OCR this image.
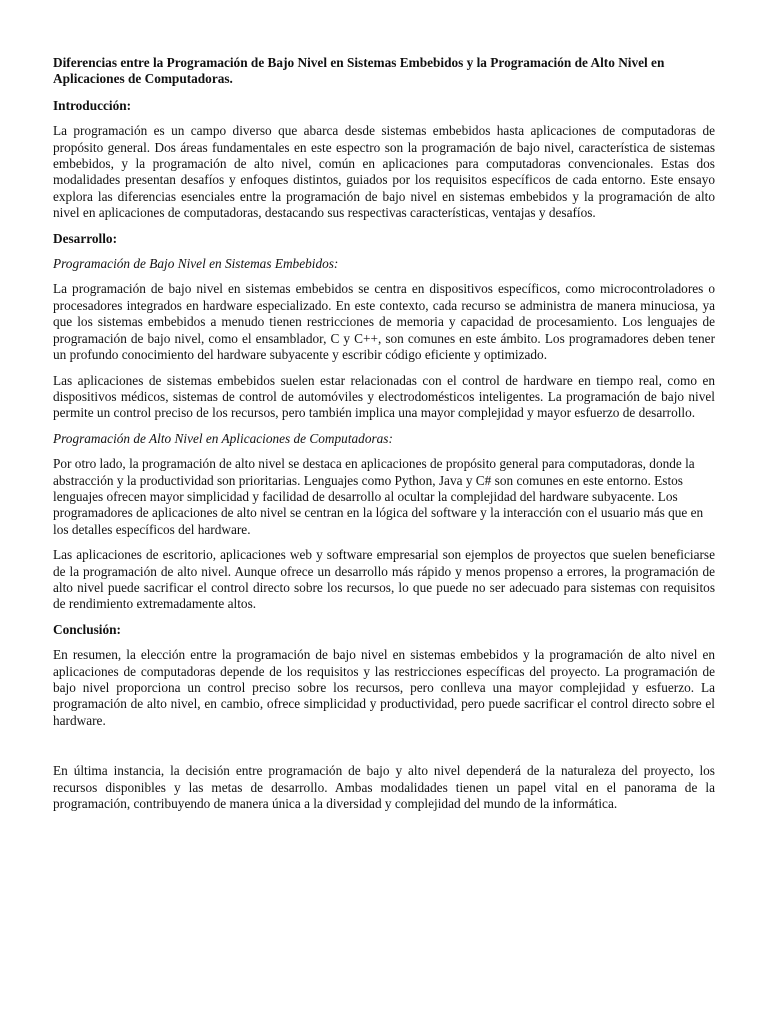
Diferencias entre la Programación de Bajo Nivel en Sistemas Embebidos y la Programación de Alto Nivel en Aplicaciones de Computadoras.
Introducción:

La programación es un campo diverso que abarca desde sistemas embebidos hasta aplicaciones de computadoras de propósito general. Dos áreas fundamentales en este espectro son la programación de bajo nivel, característica de sistemas embebidos, y la programación de alto nivel, común en aplicaciones para computadoras convencionales. Estas dos modalidades presentan desafíos y enfoques distintos, guiados por los requisitos específicos de cada entorno. Este ensayo explora las diferencias esenciales entre la programación de bajo nivel en sistemas embebidos y la programación de alto nivel en aplicaciones de computadoras, destacando sus respectivas características, ventajas y desafíos.

Desarrollo:
Programación de Bajo Nivel en Sistemas Embebidos:

La programación de bajo nivel en sistemas embebidos se centra en dispositivos específicos, como microcontroladores o procesadores integrados en hardware especializado. En este contexto, cada recurso se administra de manera minuciosa, ya que los sistemas embebidos a menudo tienen restricciones de memoria y capacidad de procesamiento. Los lenguajes de programación de bajo nivel, como el ensamblador, C y C++, son comunes en este ámbito. Los programadores deben tener un profundo conocimiento del hardware subyacente y escribir código eficiente y optimizado.

Las aplicaciones de sistemas embebidos suelen estar relacionadas con el control de hardware en tiempo real, como en dispositivos médicos, sistemas de control de automóviles y electrodomésticos inteligentes. La programación de bajo nivel permite un control preciso de los recursos, pero también implica una mayor complejidad y mayor esfuerzo de desarrollo.

Programación de Alto Nivel en Aplicaciones de Computadoras:

Por otro lado, la programación de alto nivel se destaca en aplicaciones de propósito general para computadoras, donde la abstracción y la productividad son prioritarias. Lenguajes como Python, Java y C# son comunes en este entorno. Estos lenguajes ofrecen mayor simplicidad y facilidad de desarrollo al ocultar la complejidad del hardware subyacente. Los programadores de aplicaciones de alto nivel se centran en la lógica del software y la interacción con el usuario más que en los detalles específicos del hardware.

Las aplicaciones de escritorio, aplicaciones web y software empresarial son ejemplos de proyectos que suelen beneficiarse de la programación de alto nivel. Aunque ofrece un desarrollo más rápido y menos propenso a errores, la programación de alto nivel puede sacrificar el control directo sobre los recursos, lo que puede no ser adecuado para sistemas con requisitos de rendimiento extremadamente altos.

Conclusión:

En resumen, la elección entre la programación de bajo nivel en sistemas embebidos y la programación de alto nivel en aplicaciones de computadoras depende de los requisitos y las restricciones específicas del proyecto. La programación de bajo nivel proporciona un control preciso sobre los recursos, pero conlleva una mayor complejidad y esfuerzo. La programación de alto nivel, en cambio, ofrece simplicidad y productividad, pero puede sacrificar el control directo sobre el hardware.

En última instancia, la decisión entre programación de bajo y alto nivel dependerá de la naturaleza del proyecto, los recursos disponibles y las metas de desarrollo. Ambas modalidades tienen un papel vital en el panorama de la programación, contribuyendo de manera única a la diversidad y complejidad del mundo de la informática.
